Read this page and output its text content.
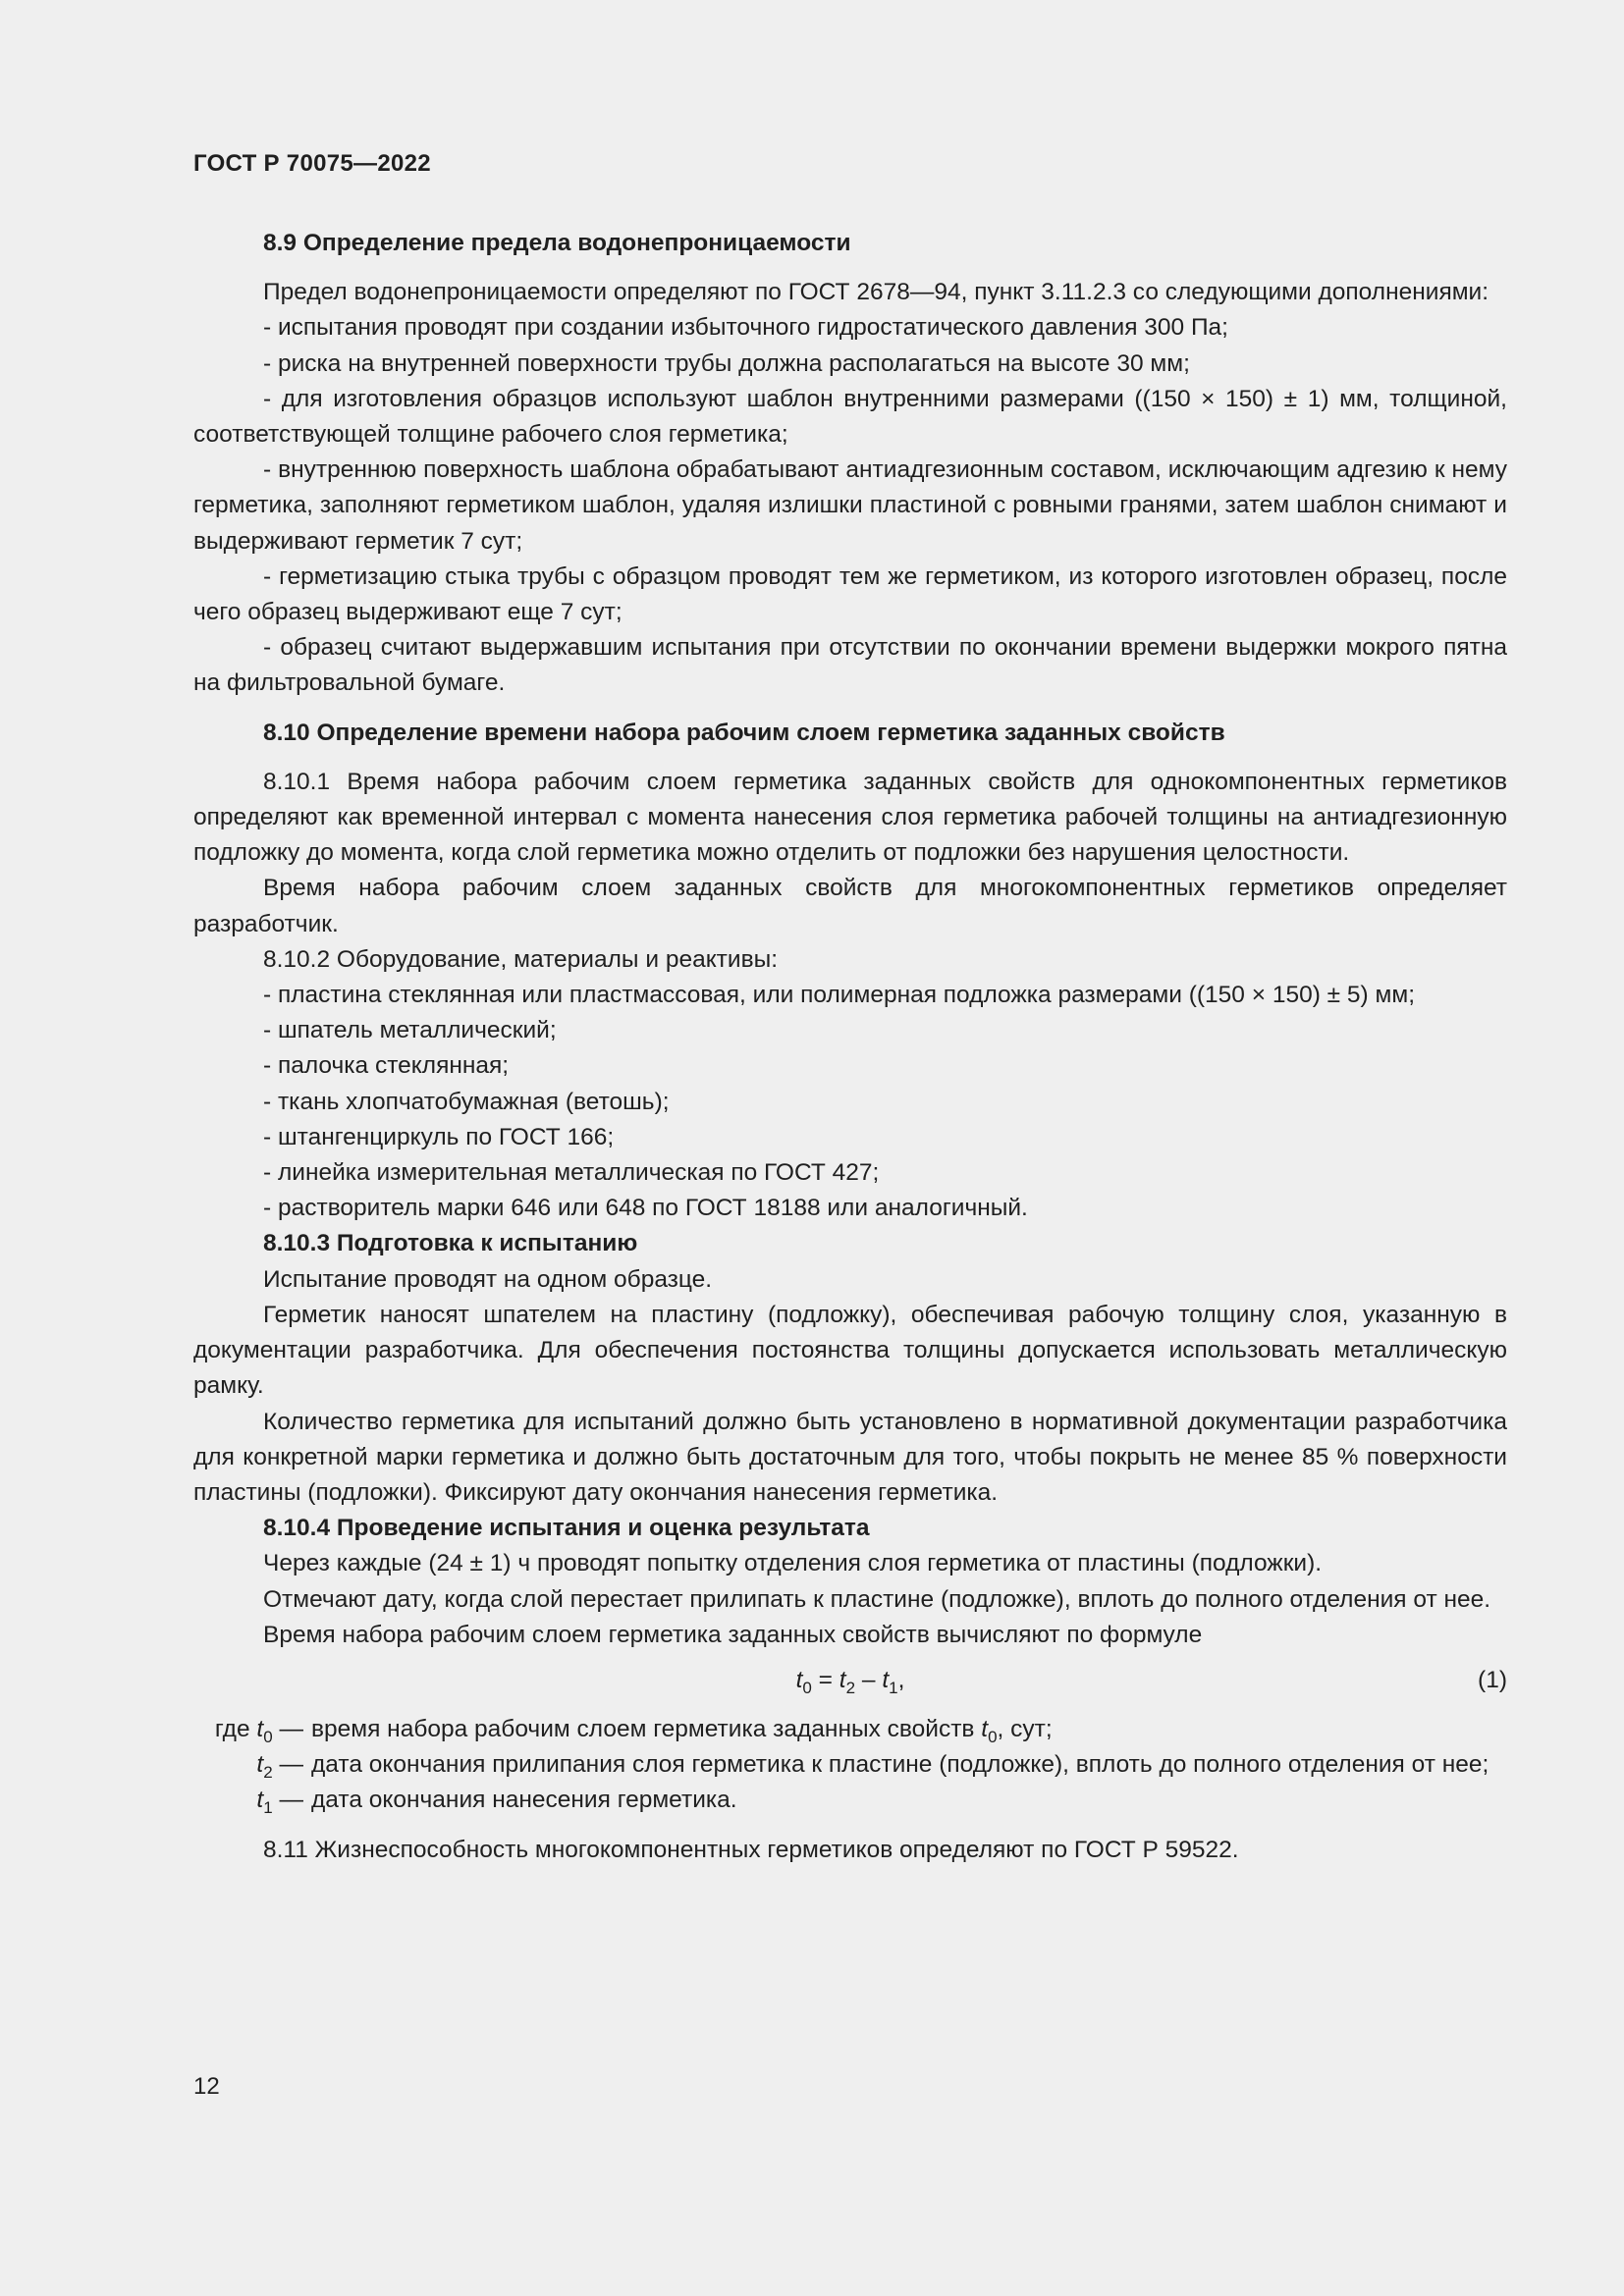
ГОСТ Р 70075—2022

8.9 Определение предела водонепроницаемости

Предел водонепроницаемости определяют по ГОСТ 2678—94, пункт 3.11.2.3 со следующими дополнениями:

- испытания проводят при создании избыточного гидростатического давления 300 Па;
- риска на внутренней поверхности трубы должна располагаться на высоте 30 мм;
- для изготовления образцов используют шаблон внутренними размерами ((150 × 150) ± 1) мм, толщиной, соответствующей толщине рабочего слоя герметика;
- внутреннюю поверхность шаблона обрабатывают антиадгезионным составом, исключающим адгезию к нему герметика, заполняют герметиком шаблон, удаляя излишки пластиной с ровными гранями, затем шаблон снимают и выдерживают герметик 7 сут;
- герметизацию стыка трубы с образцом проводят тем же герметиком, из которого изготовлен образец, после чего образец выдерживают еще 7 сут;
- образец считают выдержавшим испытания при отсутствии по окончании времени выдержки мокрого пятна на фильтровальной бумаге.

8.10 Определение времени набора рабочим слоем герметика заданных свойств

8.10.1 Время набора рабочим слоем герметика заданных свойств для однокомпонентных герметиков определяют как временной интервал с момента нанесения слоя герметика рабочей толщины на антиадгезионную подложку до момента, когда слой герметика можно отделить от подложки без нарушения целостности.

Время набора рабочим слоем заданных свойств для многокомпонентных герметиков определяет разработчик.

8.10.2 Оборудование, материалы и реактивы:

- пластина стеклянная или пластмассовая, или полимерная подложка размерами ((150 × 150) ± 5) мм;
- шпатель металлический;
- палочка стеклянная;
- ткань хлопчатобумажная (ветошь);
- штангенциркуль по ГОСТ 166;
- линейка измерительная металлическая по ГОСТ 427;
- растворитель марки 646 или 648 по ГОСТ 18188 или аналогичный.

8.10.3 Подготовка к испытанию

Испытание проводят на одном образце.

Герметик наносят шпателем на пластину (подложку), обеспечивая рабочую толщину слоя, указанную в документации разработчика. Для обеспечения постоянства толщины допускается использовать металлическую рамку.

Количество герметика для испытаний должно быть установлено в нормативной документации разработчика для конкретной марки герметика и должно быть достаточным для того, чтобы покрыть не менее 85 % поверхности пластины (подложки). Фиксируют дату окончания нанесения герметика.

8.10.4 Проведение испытания и оценка результата

Через каждые (24 ± 1) ч проводят попытку отделения слоя герметика от пластины (подложки).

Отмечают дату, когда слой перестает прилипать к пластине (подложке), вплоть до полного отделения от нее.

Время набора рабочим слоем герметика заданных свойств вычисляют по формуле

$t_0 = t_2 - t_1$,	(1)
где $t_0$ — время набора рабочим слоем герметика заданных свойств $t_0$, сут;
$t_2$ — дата окончания прилипания слоя герметика к пластине (подложке), вплоть до полного отделения от нее;
$t_1$ — дата окончания нанесения герметика.

8.11 Жизнеспособность многокомпонентных герметиков определяют по ГОСТ Р 59522.

12
